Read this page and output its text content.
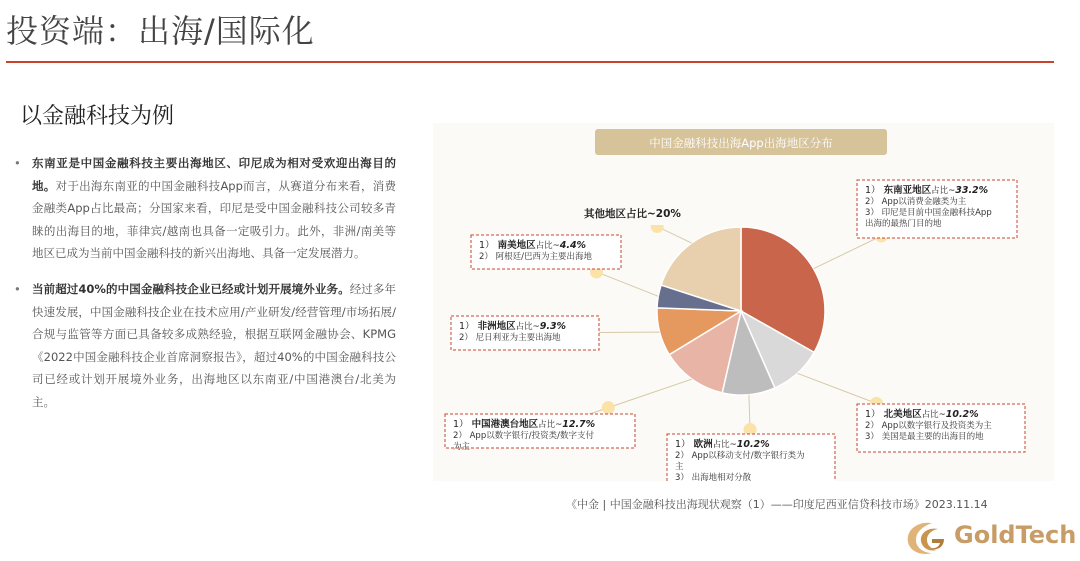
投资端：出海/国际化
以金融科技为例
• 东南亚是中国金融科技主要出海地区、印尼成为相对受欢迎出海目的地。对于出海东南亚的中国金融科技App而言，从赛道分布来看，消费金融类App占比最高；分国家来看，印尼是受中国金融科技公司较多青睐的出海目的地，菲律宾/越南也具备一定吸引力。此外，非洲/南美等地区已成为当前中国金融科技的新兴出海地、具备一定发展潜力。
• 当前超过40%的中国金融科技企业已经或计划开展境外业务。经过多年快速发展，中国金融科技企业在技术应用/产业研发/经营管理/市场拓展/合规与监管等方面已具备较多成熟经验，根据互联网金融协会、KPMG《2022中国金融科技企业首席洞察报告》，超过40%的中国金融科技公司已经或计划开展境外业务，出海地区以东南亚/中国港澳台/北美为主。
中国金融科技出海App出海地区分布
1） 东南亚地区占比~33.2%
2） App以消费金融类为主
3） 印尼是目前中国金融科技App
出海的最热门目的地
1） 北美地区占比~10.2%
2） App以数字银行及投资类为主
3） 美国是最主要的出海目的地
1） 欧洲占比~10.2%
2） App以移动支付/数字银行类为
主
3） 出海地相对分散
1） 中国港澳台地区占比~12.7%
2） App以数字银行/投资类/数字支付
为主
1） 非洲地区占比~9.3%
2） 尼日利亚为主要出海地
1） 南美地区占比~4.4%
2） 阿根廷/巴西为主要出海地
其他地区占比~20%
《中金 | 中国金融科技出海现状观察（1）——印度尼西亚信贷科技市场》2023.11.14
GoldTech
